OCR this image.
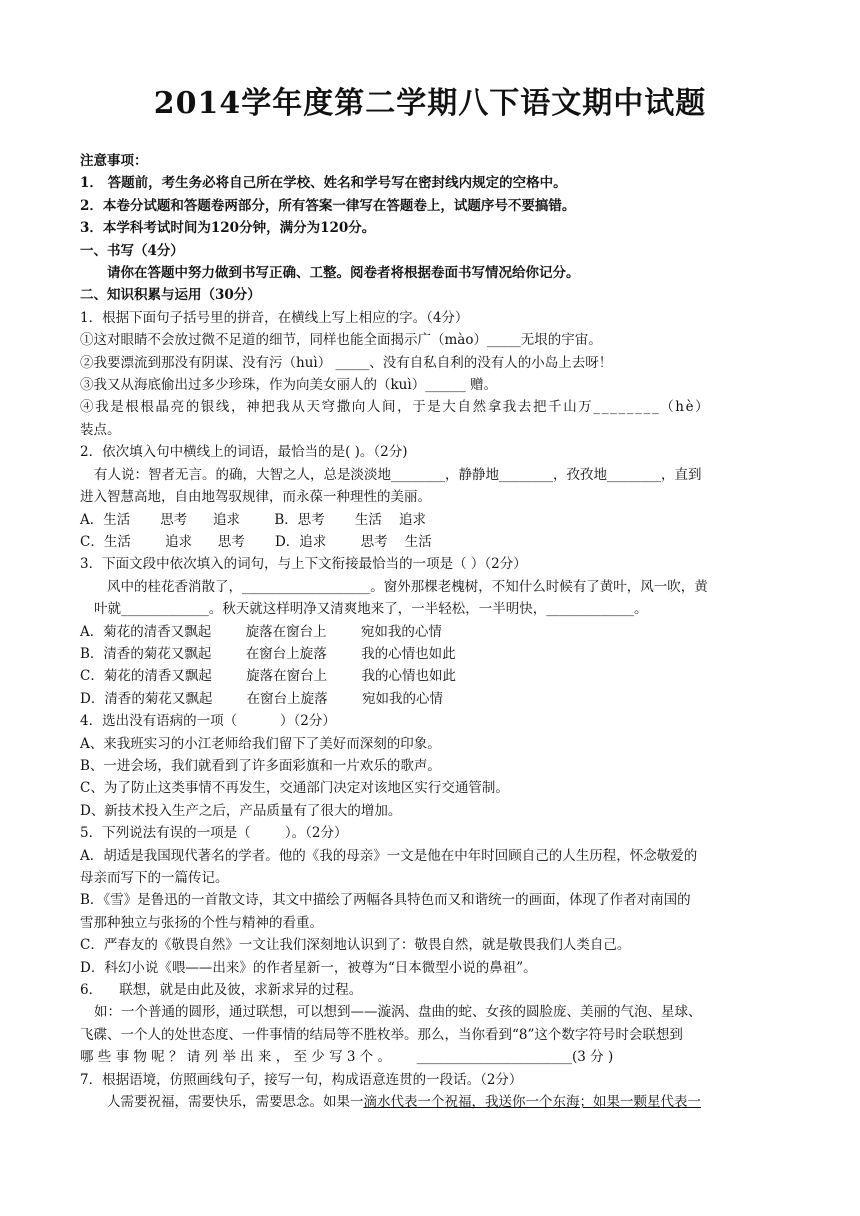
2014学年度第二学期八下语文期中试题
注意事项：
1． 答题前，考生务必将自己所在学校、姓名和学号写在密封线内规定的空格中。
2．本卷分试题和答题卷两部分，所有答案一律写在答题卷上，试题序号不要搞错。
3．本学科考试时间为120分钟，满分为120分。
一、书写（4分）
请你在答题中努力做到书写正确、工整。阅卷者将根据卷面书写情况给你记分。
二、知识积累与运用（30分）
1．根据下面句子括号里的拼音，在横线上写上相应的字。（4分）
①这对眼睛不会放过微不足道的细节，同样也能全面揭示广（mào）_____无垠的宇宙。
②我要漂流到那没有阴谋、没有污（huì） _____、没有自私自利的没有人的小岛上去呀！
③我又从海底偷出过多少珍珠，作为向美女丽人的（kuì）______ 赠。
④我是根根晶亮的银线，神把我从天穹撒向人间，于是大自然拿我去把千山万________（hè）
装点。
2．依次填入句中横线上的词语，最恰当的是( )。（2分)
有人说：智者无言。的确，大智之人，总是淡淡地________，静静地________，孜孜地________，直到
进入智慧高地，自由地驾驭规律，而永葆一种理性的美丽。
A．生活       思考      追求        B．思考       生活    追求
C．生活        追求      思考       D．追求        思考    生活
3．下面文段中依次填入的词句，与上下文衔接最恰当的一项是（ ）（2分）
风中的桂花香消散了，___________________。窗外那棵老槐树，不知什么时候有了黄叶，风一吹，黄
叶就_____________。秋天就这样明净又清爽地来了，一半轻松，一半明快，_____________。
A．菊花的清香又飘起        旋落在窗台上        宛如我的心情
B．清香的菊花又飘起        在窗台上旋落        我的心情也如此
C．菊花的清香又飘起        旋落在窗台上        我的心情也如此
D．清香的菊花又飘起        在窗台上旋落        宛如我的心情
4．选出没有语病的一项（          ）（2分）
A、来我班实习的小江老师给我们留下了美好而深刻的印象。
B、一进会场，我们就看到了许多面彩旗和一片欢乐的歌声。
C、为了防止这类事情不再发生，交通部门决定对该地区实行交通管制。
D、新技术投入生产之后，产品质量有了很大的增加。
5．下列说法有误的一项是（        ）。（2分）
A．胡适是我国现代著名的学者。他的《我的母亲》一文是他在中年时回顾自己的人生历程，怀念敬爱的
母亲而写下的一篇传记。
B．《雪》是鲁迅的一首散文诗，其文中描绘了两幅各具特色而又和谐统一的画面，体现了作者对南国的
雪那种独立与张扬的个性与精神的看重。
C．严春友的《敬畏自然》一文让我们深刻地认识到了：敬畏自然，就是敬畏我们人类自己。
D．科幻小说《喂——出来》的作者星新一，被尊为“日本微型小说的鼻祖”。
6．    联想，就是由此及彼，求新求异的过程。
如：一个普通的圆形，通过联想，可以想到——漩涡、盘曲的蛇、女孩的圆脸庞、美丽的气泡、星球、
飞碟、一个人的处世态度、一件事情的结局等不胜枚举。那么，当你看到“8”这个数字符号时会联想到
哪 些 事 物 呢 ？ 请 列 举 出 来 ， 至 少 写 3 个 。      _______________________(3 分 )
7．根据语境，仿照画线句子，接写一句，构成语意连贯的一段话。（2分）
人需要祝福，需要快乐，需要思念。如果一滴水代表一个祝福，我送你一个东海；如果一颗星代表一
